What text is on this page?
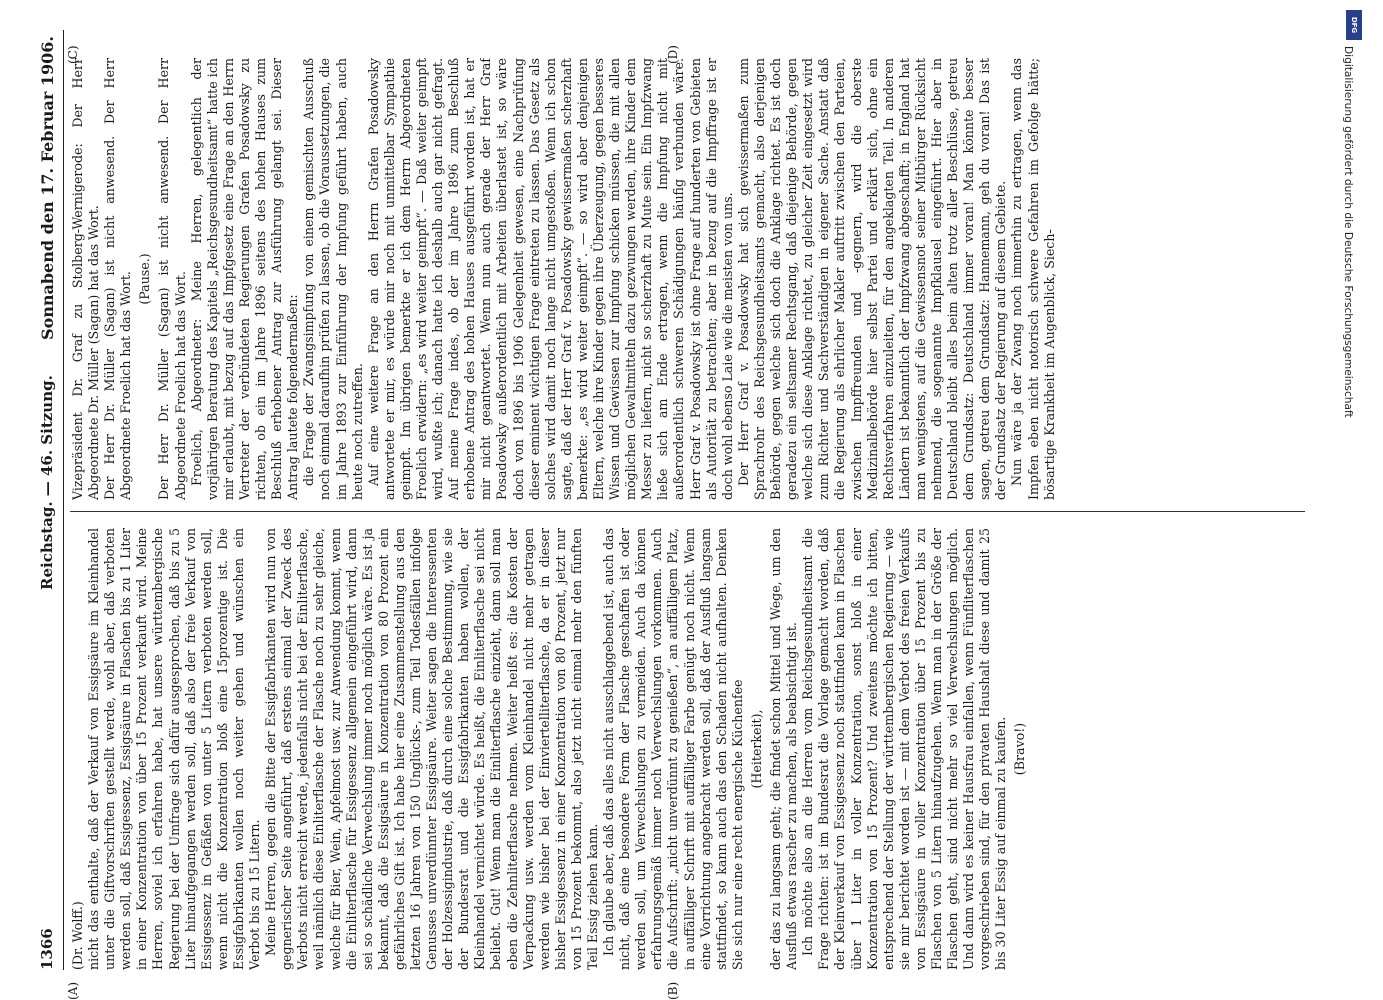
1366
Reichstag. — 46. Sitzung.
Sonnabend den 17. Februar 1906.
(A)	(B)
(C)	(D)

(Dr. Wolff.) nicht das enthalte, daß der Verkauf von Essigsäure im Kleinhandel unter die Giftvorschriften gestellt werde, wohl aber, daß verboten werden soll, daß Essigessenz, Essigsäure in Flaschen bis zu 1 Liter in einer Konzentration von über 15 Prozent verkauft wird. Meine Herren, soviel ich erfahren habe, hat unsere württembergische Regierung bei der Umfrage sich dafür ausgesprochen, daß bis zu 5 Liter hinaufgegangen werden soll, daß also der freie Verkauf von Essigessenz in Gefäßen von unter 5 Litern verboten werden soll, wenn nicht die Konzentration bloß eine 15prozentige ist. Die Essigfabrikanten wollen noch weiter gehen und wünschen ein Verbot bis zu 15 Litern. Meine Herren, gegen die Bitte der Essigfabrikanten wird nun von gegnerischer Seite angeführt, daß erstens einmal der Zweck des Verbots nicht erreicht werde, jedenfalls nicht bei der Einliterflasche, weil nämlich diese Einliterflasche der Flasche noch zu sehr gleiche, welche für Bier, Wein, Apfelmost usw. zur Anwendung kommt, wenn die Einliterflasche für Essigessenz allgemein eingeführt wird, dann sei so schädliche Verwechslung immer noch möglich wäre. Es ist ja bekannt, daß die Essigsäure in Konzentration von 80 Prozent ein gefährliches Gift ist. Ich habe hier eine Zusammenstellung aus den letzten 16 Jahren von 150 Unglücks-, zum Teil Todesfällen infolge Genusses unverdünnter Essigsäure. Weiter sagen die Interessenten der Holzessigindustrie, daß durch eine solche Bestimmung, wie sie der Bundesrat und die Essigfabrikanten haben wollen, der Kleinhandel vernichtet würde. Es heißt, die Einliterflasche sei nicht beliebt. Gut! Wenn man die Einliterflasche einzieht, dann soll man eben die Zehnliterflasche nehmen. Weiter heißt es: die Kosten der Verpackung usw. werden vom Kleinhandel nicht mehr getragen werden wie bisher bei der Einviertelliterflasche, da er in dieser bisher Essigessenz in einer Konzentration von 80 Prozent, jetzt nur von 15 Prozent bekommt, also jetzt nicht einmal mehr den fünften Teil Essig ziehen kann. Ich glaube aber, daß das alles nicht ausschlaggebend ist, auch das nicht, daß eine besondere Form der Flasche geschaffen ist oder werden soll, um Verwechslungen zu vermeiden. Auch da können erfahrungsgemäß immer noch Verwechslungen vorkommen. Auch die Aufschrift: „nicht unverdünnt zu genießen“, an auffälligem Platz, in auffälliger Schrift mit auffälliger Farbe genügt noch nicht. Wenn eine Vorrichtung angebracht werden soll, daß der Ausfluß langsam stattfindet, so kann auch das den Schaden nicht aufhalten. Denken Sie sich nur eine recht energische Küchenfee (Heiterkeit), der das zu langsam geht; die findet schon Mittel und Wege, um den Ausfluß etwas rascher zu machen, als beabsichtigt ist. Ich möchte also an die Herren vom Reichsgesundheitsamt die Frage richten: ist im Bundesrat die Vorlage gemacht worden, daß der Kleinverkauf von Essigessenz noch stattfinden kann in Flaschen über 1 Liter in voller Konzentration, sonst bloß in einer Konzentration von 15 Prozent? Und zweitens möchte ich bitten, entsprechend der Stellung der württembergischen Regierung — wie sie mir berichtet worden ist — mit dem Verbot des freien Verkaufs von Essigsäure in voller Konzentration über 15 Prozent bis zu Flaschen von 5 Litern hinaufzugehen. Wenn man in der Größe der Flaschen geht, sind nicht mehr so viel Verwechslungen möglich. Und dann wird es keiner Hausfrau einfallen, wenn Fünfliterflaschen vorgeschrieben sind, für den privaten Haushalt diese und damit 25 bis 30 Liter Essig auf einmal zu kaufen. (Bravo!)

Vizepräsident Dr. Graf zu Stolberg-Wernigerode: Der Herr Abgeordnete Dr. Müller (Sagan) hat das Wort. Der Herr Dr. Müller (Sagan) ist nicht anwesend. Der Herr Abgeordnete Froelich hat das Wort. (Pause.) Der Herr Dr. Müller (Sagan) ist nicht anwesend. Der Herr Abgeordnete Froelich hat das Wort. Froelich, Abgeordneter: Meine Herren, gelegentlich der vorjährigen Beratung des Kapitels „Reichsgesundheitsamt“ hatte ich mir erlaubt, mit bezug auf das Impfgesetz eine Frage an den Herrn Vertreter der verbündeten Regierungen Grafen Posadowsky zu richten, ob ein im Jahre 1896 seitens des hohen Hauses zum Beschluß erhobener Antrag zur Ausführung gelangt sei. Dieser Antrag lautete folgendermaßen: die Frage der Zwangsimpfung von einem gemischten Ausschuß noch einmal daraufhin prüfen zu lassen, ob die Voraussetzungen, die im Jahre 1893 zur Einführung der Impfung geführt haben, auch heute noch zutreffen. Auf eine weitere Frage an den Herrn Grafen Posadowsky antwortete er mir, es würde mir noch mit unmittelbar Sympathie geimpft. Im übrigen bemerkte er ich dem Herrn Abgeordneten Froelich erwidern: „es wird weiter geimpft“. — Daß weiter geimpft wird, wußte ich; danach hatte ich deshalb auch gar nicht gefragt. Auf meine Frage indes, ob der im Jahre 1896 zum Beschluß erhobene Antrag des hohen Hauses ausgeführt worden ist, hat er mir nicht geantwortet. Wenn nun auch gerade der Herr Graf Posadowsky außerordentlich mit Arbeiten überlastet ist, so wäre doch von 1896 bis 1906 Gelegenheit gewesen, eine Nachprüfung dieser eminent wichtigen Frage eintreten zu lassen. Das Gesetz als solches wird damit noch lange nicht umgestoßen. Wenn ich schon sagte, daß der Herr Graf v. Posadowsky gewissermaßen scherzhaft bemerkte: „es wird weiter geimpft“. — so wird aber denjenigen Eltern, welche ihre Kinder gegen ihre Überzeugung, gegen besseres Wissen und Gewissen zur Impfung schicken müssen, die mit allen möglichen Gewaltmitteln dazu gezwungen werden, ihre Kinder dem Messer zu liefern, nicht so scherzhaft zu Mute sein. Ein Impfzwang ließe sich am Ende ertragen, wenn die Impfung nicht mit außerordentlich schweren Schädigungen häufig verbunden wäre. Herr Graf v. Posadowsky ist ohne Frage auf hunderten von Gebieten als Autorität zu betrachten; aber in bezug auf die Impffrage ist er doch wohl ebenso Laie wie die meisten von uns. Der Herr Graf v. Posadowsky hat sich gewissermaßen zum Sprachrohr des Reichsgesundheitsamts gemacht, also derjenigen Behörde, gegen welche sich doch die Anklage richtet. Es ist doch geradezu ein seltsamer Rechtsgang, daß diejenige Behörde, gegen welche sich diese Anklage richtet, zu gleicher Zeit eingesetzt wird zum Richter und Sachverständigen in eigener Sache. Anstatt daß die Regierung als ehrlicher Makler auftritt zwischen den Parteien, zwischen Impffreunden und -gegnern, wird die oberste Medizinalbehörde hier selbst Partei und erklärt sich, ohne ein Rechtsverfahren einzuleiten, für den angeklagten Teil. In anderen Ländern ist bekanntlich der Impfzwang abgeschafft; in England hat man wenigstens, auf die Gewissensnot seiner Mitbürger Rücksicht nehmend, die sogenannte Impfklausel eingeführt. Hier aber in Deutschland bleibt alles beim alten trotz aller Beschlüsse, getreu dem Grundsatz: Deutschland immer voran! Man könnte besser sagen, getreu dem Grundsatz: Hannemann, geh du voran! Das ist der Grundsatz der Regierung auf diesem Gebiete. Nun wäre ja der Zwang noch immerhin zu ertragen, wenn das Impfen eben nicht notorisch schwere Gefahren im Gefolge hätte; bösartige Krankheit im Augenblick, Siech-

DFG
Digitalisierung gefördert durch die Deutsche Forschungsgemeinschaft
